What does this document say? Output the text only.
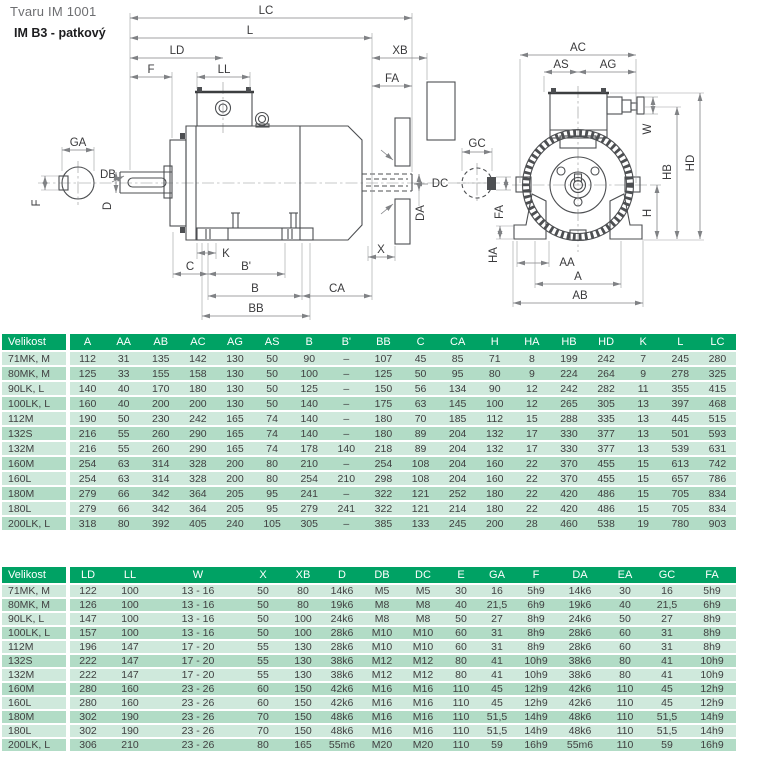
Tvaru IM 1001
IM B3 - patkový
GA
F
DB
D
GC
FA
DC
DA
LC
L
LD
F	LL
XB
FA
K
C	B'
B	CA
BB
X
AC
AS	AG
W
H
HB
HD
HA
AA
A
AB
Velikost	A	AA	AB	AC	AG	AS	B	B'	BB	C	CA	H	HA	HB	HD	K	L	LC
71MK, M	112	31	135	142	130	50	90	–	107	45	85	71	8	199	242	7	245	280
80MK, M	125	33	155	158	130	50	100	–	125	50	95	80	9	224	264	9	278	325
90LK, L	140	40	170	180	130	50	125	–	150	56	134	90	12	242	282	11	355	415
100LK, L	160	40	200	200	130	50	140	–	175	63	145	100	12	265	305	13	397	468
112M	190	50	230	242	165	74	140	–	180	70	185	112	15	288	335	13	445	515
132S	216	55	260	290	165	74	140	–	180	89	204	132	17	330	377	13	501	593
132M	216	55	260	290	165	74	178	140	218	89	204	132	17	330	377	13	539	631
160M	254	63	314	328	200	80	210	–	254	108	204	160	22	370	455	15	613	742
160L	254	63	314	328	200	80	254	210	298	108	204	160	22	370	455	15	657	786
180M	279	66	342	364	205	95	241	–	322	121	252	180	22	420	486	15	705	834
180L	279	66	342	364	205	95	279	241	322	121	214	180	22	420	486	15	705	834
200LK, L	318	80	392	405	240	105	305	–	385	133	245	200	28	460	538	19	780	903
Velikost	LD	LL	W	X	XB	D	DB	DC	E	GA	F	DA	EA	GC	FA
71MK, M	122	100	13 - 16	50	80	14k6	M5	M5	30	16	5h9	14k6	30	16	5h9
80MK, M	126	100	13 - 16	50	80	19k6	M8	M8	40	21,5	6h9	19k6	40	21,5	6h9
90LK, L	147	100	13 - 16	50	100	24k6	M8	M8	50	27	8h9	24k6	50	27	8h9
100LK, L	157	100	13 - 16	50	100	28k6	M10	M10	60	31	8h9	28k6	60	31	8h9
112M	196	147	17 - 20	55	130	28k6	M10	M10	60	31	8h9	28k6	60	31	8h9
132S	222	147	17 - 20	55	130	38k6	M12	M12	80	41	10h9	38k6	80	41	10h9
132M	222	147	17 - 20	55	130	38k6	M12	M12	80	41	10h9	38k6	80	41	10h9
160M	280	160	23 - 26	60	150	42k6	M16	M16	110	45	12h9	42k6	110	45	12h9
160L	280	160	23 - 26	60	150	42k6	M16	M16	110	45	12h9	42k6	110	45	12h9
180M	302	190	23 - 26	70	150	48k6	M16	M16	110	51,5	14h9	48k6	110	51,5	14h9
180L	302	190	23 - 26	70	150	48k6	M16	M16	110	51,5	14h9	48k6	110	51,5	14h9
200LK, L	306	210	23 - 26	80	165	55m6	M20	M20	110	59	16h9	55m6	110	59	16h9
